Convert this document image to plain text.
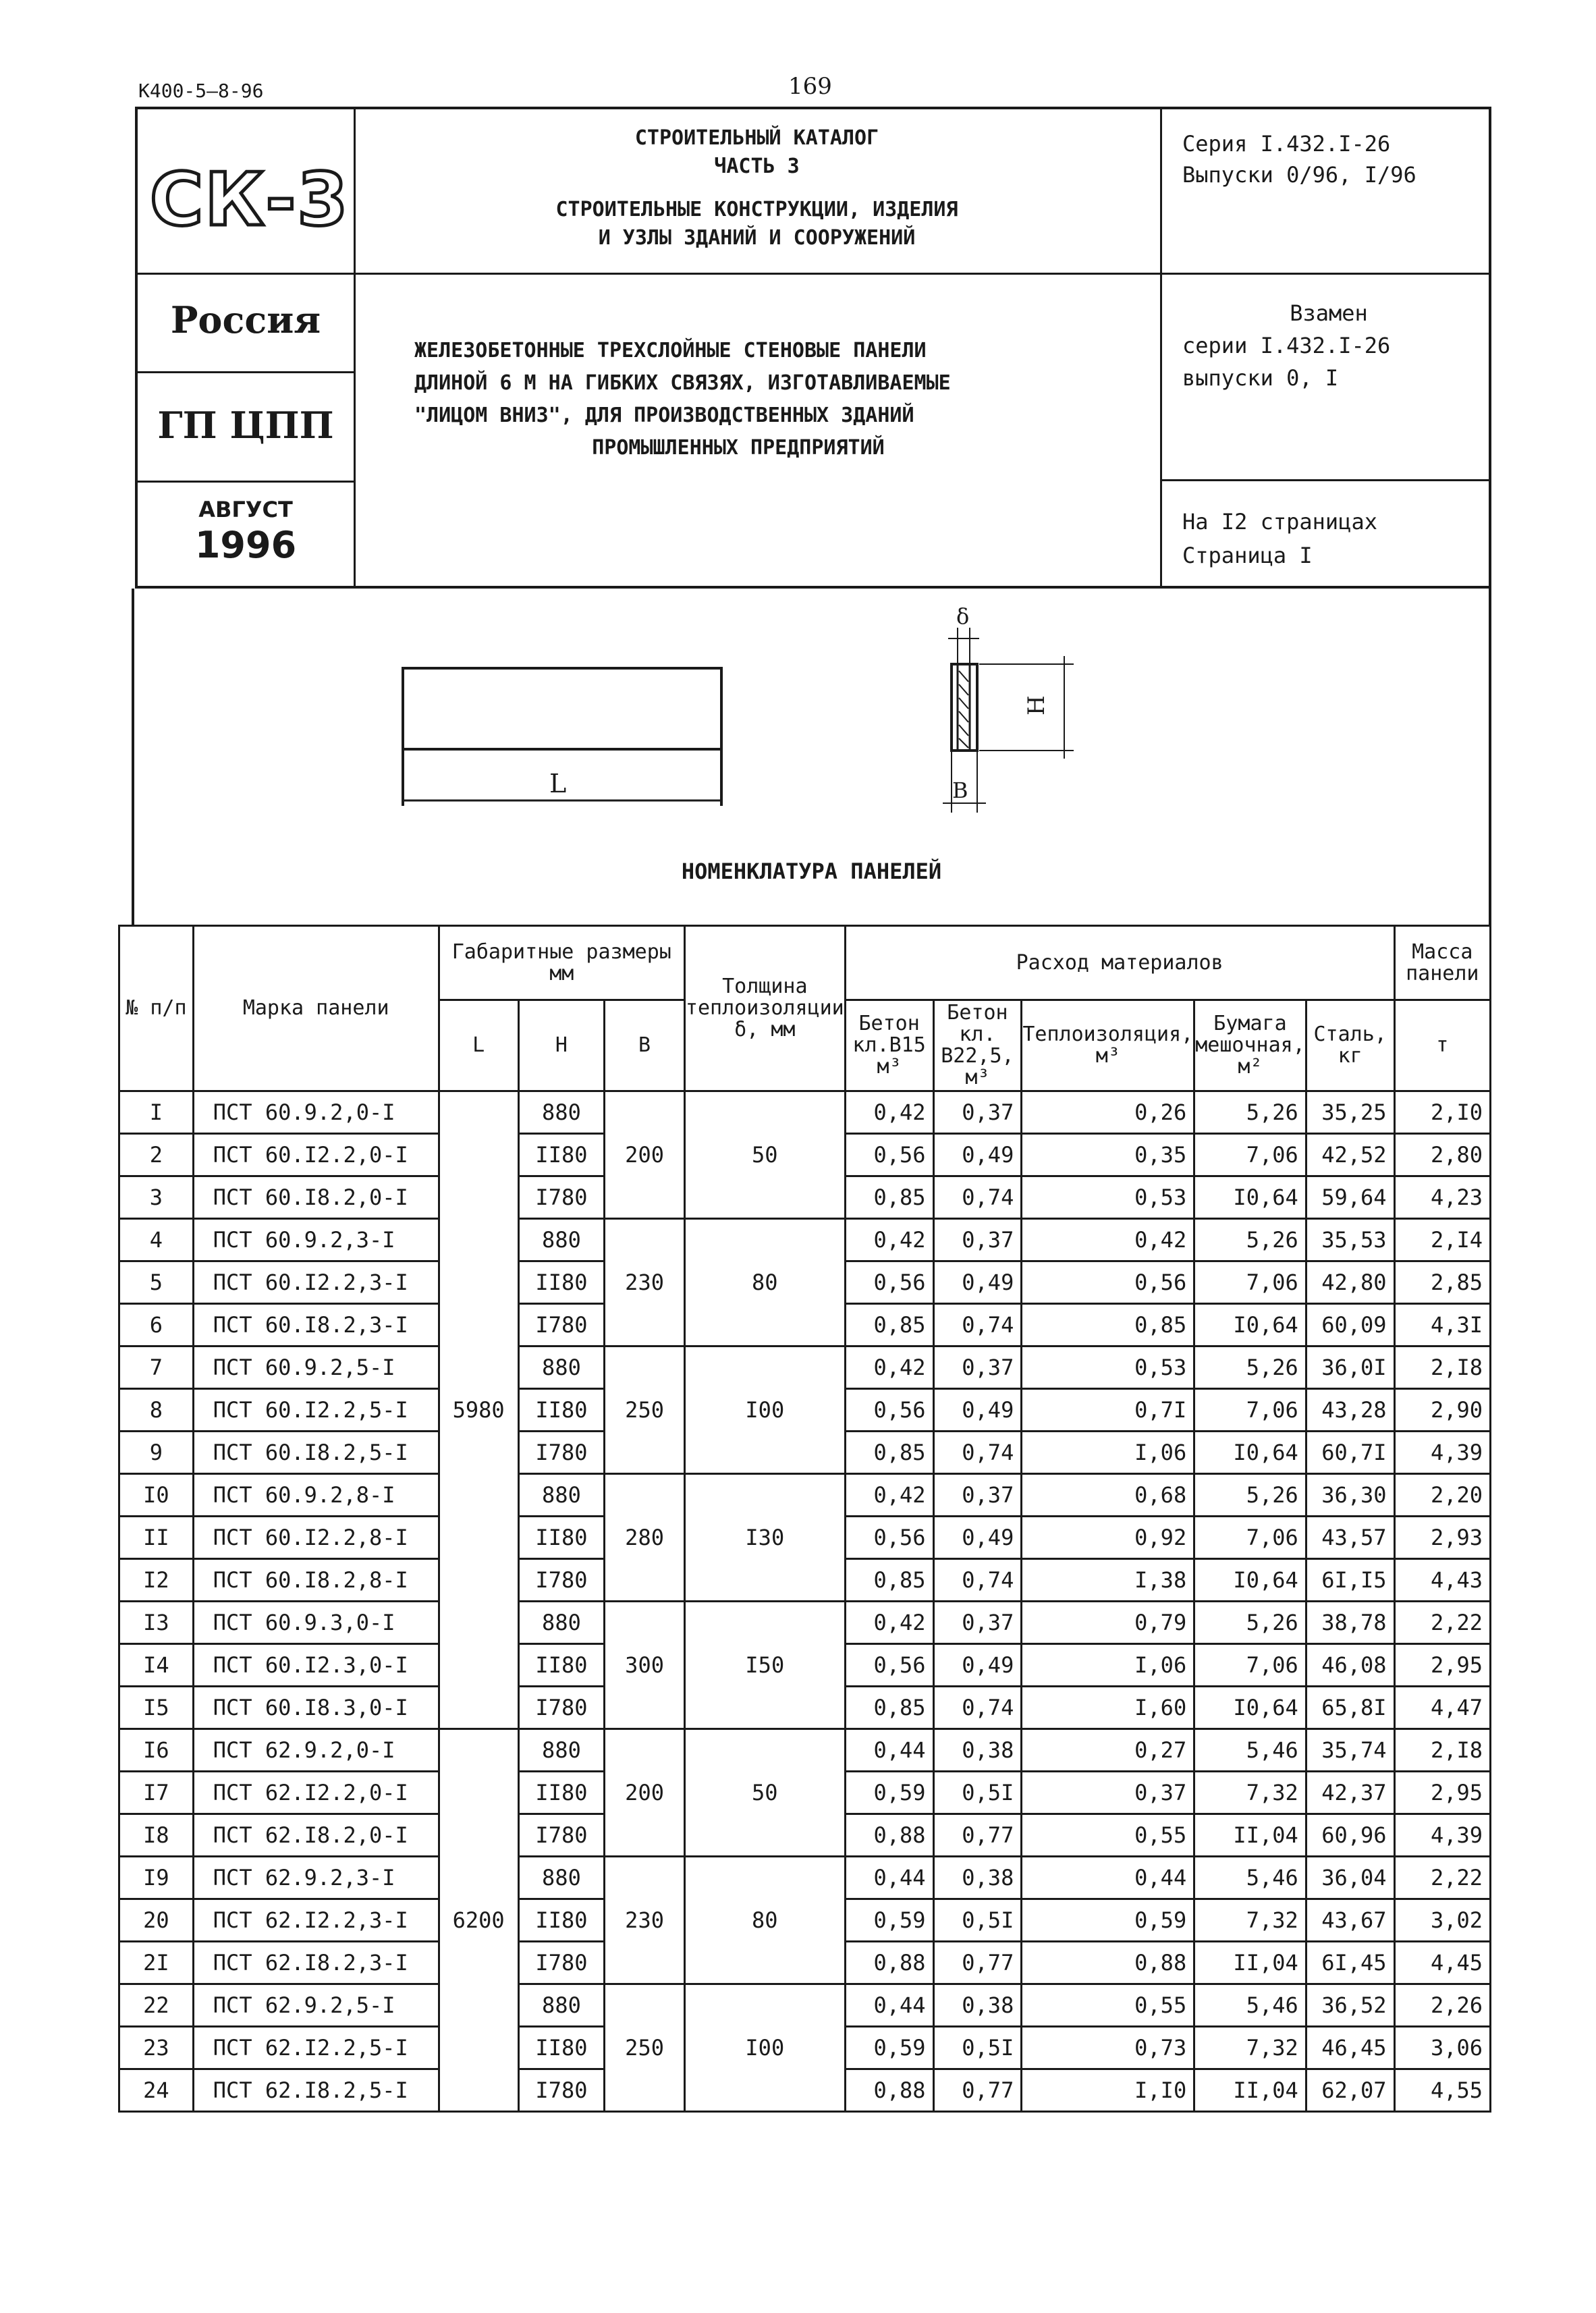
К400-5—8-96	169
СК-3
СТРОИТЕЛЬНЫЙ КАТАЛОГ
ЧАСТЬ 3
СТРОИТЕЛЬНЫЕ КОНСТРУКЦИИ, ИЗДЕЛИЯ
И УЗЛЫ ЗДАНИЙ И СООРУЖЕНИЙ
Серия I.432.I-26
Выпуски 0/96, I/96
Россия
ГП ЦПП
АВГУСТ
1996
ЖЕЛЕЗОБЕТОННЫЕ ТРЕХСЛОЙНЫЕ СТЕНОВЫЕ ПАНЕЛИ
ДЛИНОЙ 6 М НА ГИБКИХ СВЯЗЯХ, ИЗГОТАВЛИВАЕМЫЕ
"ЛИЦОМ ВНИЗ", ДЛЯ ПРОИЗВОДСТВЕННЫХ ЗДАНИЙ
ПРОМЫШЛЕННЫХ ПРЕДПРИЯТИЙ
Взамен
серии I.432.I-26
выпуски 0, I
На I2 страницах
Страница I
L	B
δ
H
НОМЕНКЛАТУРА ПАНЕЛЕЙ
№ п/п	Марка панели	Габаритные размеры мм			Толщина теплоизоляции δ, мм	Расход материалов					Масса панели
		L	H	B		Бетон кл.B15 м³	Бетон кл. B22,5, м³	Теплоизоляция, м³	Бумага мешочная, м²	Сталь, кг	т
I	ПСТ 60.9.2,0-I	5980	880	200	50	0,42	0,37	0,26	5,26	35,25	2,I0
2	ПСТ 60.I2.2,0-I		II80			0,56	0,49	0,35	7,06	42,52	2,80
3	ПСТ 60.I8.2,0-I		I780			0,85	0,74	0,53	I0,64	59,64	4,23
4	ПСТ 60.9.2,3-I		880	230	80	0,42	0,37	0,42	5,26	35,53	2,I4
5	ПСТ 60.I2.2,3-I		II80			0,56	0,49	0,56	7,06	42,80	2,85
6	ПСТ 60.I8.2,3-I		I780			0,85	0,74	0,85	I0,64	60,09	4,3I
7	ПСТ 60.9.2,5-I		880	250	I00	0,42	0,37	0,53	5,26	36,0I	2,I8
8	ПСТ 60.I2.2,5-I		II80			0,56	0,49	0,7I	7,06	43,28	2,90
9	ПСТ 60.I8.2,5-I		I780			0,85	0,74	I,06	I0,64	60,7I	4,39
I0	ПСТ 60.9.2,8-I		880	280	I30	0,42	0,37	0,68	5,26	36,30	2,20
II	ПСТ 60.I2.2,8-I		II80			0,56	0,49	0,92	7,06	43,57	2,93
I2	ПСТ 60.I8.2,8-I		I780			0,85	0,74	I,38	I0,64	6I,I5	4,43
I3	ПСТ 60.9.3,0-I		880	300	I50	0,42	0,37	0,79	5,26	38,78	2,22
I4	ПСТ 60.I2.3,0-I		II80			0,56	0,49	I,06	7,06	46,08	2,95
I5	ПСТ 60.I8.3,0-I		I780			0,85	0,74	I,60	I0,64	65,8I	4,47
I6	ПСТ 62.9.2,0-I	6200	880	200	50	0,44	0,38	0,27	5,46	35,74	2,I8
I7	ПСТ 62.I2.2,0-I		II80			0,59	0,5I	0,37	7,32	42,37	2,95
I8	ПСТ 62.I8.2,0-I		I780			0,88	0,77	0,55	II,04	60,96	4,39
I9	ПСТ 62.9.2,3-I		880	230	80	0,44	0,38	0,44	5,46	36,04	2,22
20	ПСТ 62.I2.2,3-I		II80			0,59	0,5I	0,59	7,32	43,67	3,02
2I	ПСТ 62.I8.2,3-I		I780			0,88	0,77	0,88	II,04	6I,45	4,45
22	ПСТ 62.9.2,5-I		880	250	I00	0,44	0,38	0,55	5,46	36,52	2,26
23	ПСТ 62.I2.2,5-I		II80			0,59	0,5I	0,73	7,32	46,45	3,06
24	ПСТ 62.I8.2,5-I		I780			0,88	0,77	I,I0	II,04	62,07	4,55
